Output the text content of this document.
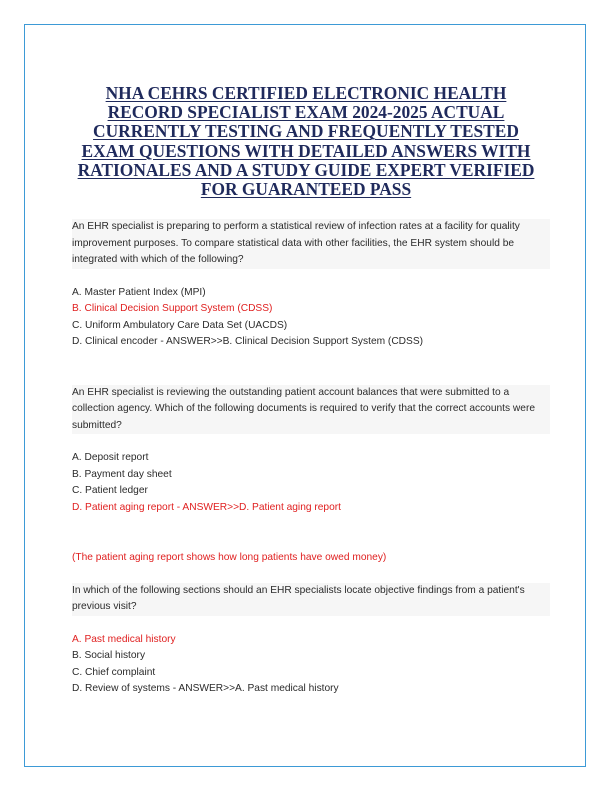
NHA CEHRS CERTIFIED ELECTRONIC HEALTH RECORD SPECIALIST EXAM 2024-2025 ACTUAL CURRENTLY TESTING AND FREQUENTLY TESTED EXAM QUESTIONS WITH DETAILED ANSWERS WITH RATIONALES AND A STUDY GUIDE EXPERT VERIFIED FOR GUARANTEED PASS

An EHR specialist is preparing to perform a statistical review of infection rates at a facility for quality improvement purposes. To compare statistical data with other facilities, the EHR system should be integrated with which of the following?

A. Master Patient Index (MPI)
B. Clinical Decision Support System (CDSS)
C. Uniform Ambulatory Care Data Set (UACDS)
D. Clinical encoder - ANSWER>>B. Clinical Decision Support System (CDSS)

An EHR specialist is reviewing the outstanding patient account balances that were submitted to a collection agency. Which of the following documents is required to verify that the correct accounts were submitted?

A. Deposit report
B. Payment day sheet
C. Patient ledger
D. Patient aging report - ANSWER>>D. Patient aging report

(The patient aging report shows how long patients have owed money)

In which of the following sections should an EHR specialists locate objective findings from a patient's previous visit?

A. Past medical history
B. Social history
C. Chief complaint
D. Review of systems - ANSWER>>A. Past medical history
